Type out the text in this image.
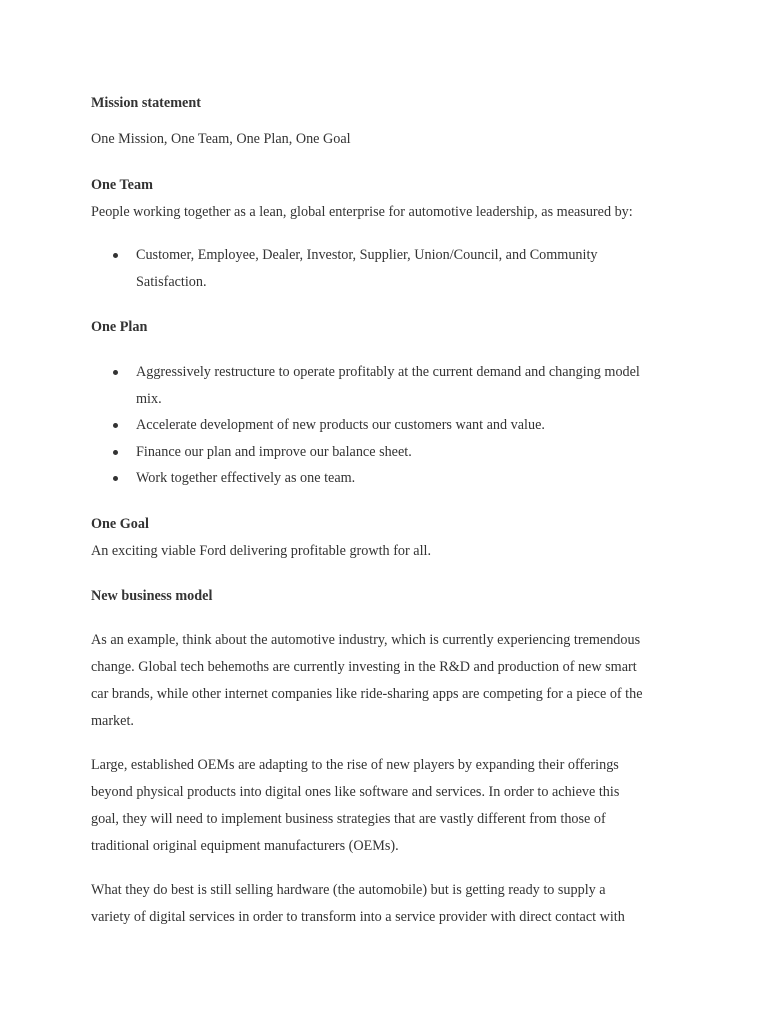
Mission statement
One Mission, One Team, One Plan, One Goal
One Team
People working together as a lean, global enterprise for automotive leadership, as measured by:
Customer, Employee, Dealer, Investor, Supplier, Union/Council, and Community
Satisfaction.
One Plan
Aggressively restructure to operate profitably at the current demand and changing model
mix.
Accelerate development of new products our customers want and value.
Finance our plan and improve our balance sheet.
Work together effectively as one team.
One Goal
An exciting viable Ford delivering profitable growth for all.
New business model
As an example, think about the automotive industry, which is currently experiencing tremendous
change. Global tech behemoths are currently investing in the R&D and production of new smart
car brands, while other internet companies like ride-sharing apps are competing for a piece of the
market.
Large, established OEMs are adapting to the rise of new players by expanding their offerings
beyond physical products into digital ones like software and services. In order to achieve this
goal, they will need to implement business strategies that are vastly different from those of
traditional original equipment manufacturers (OEMs).
What they do best is still selling hardware (the automobile) but is getting ready to supply a
variety of digital services in order to transform into a service provider with direct contact with
